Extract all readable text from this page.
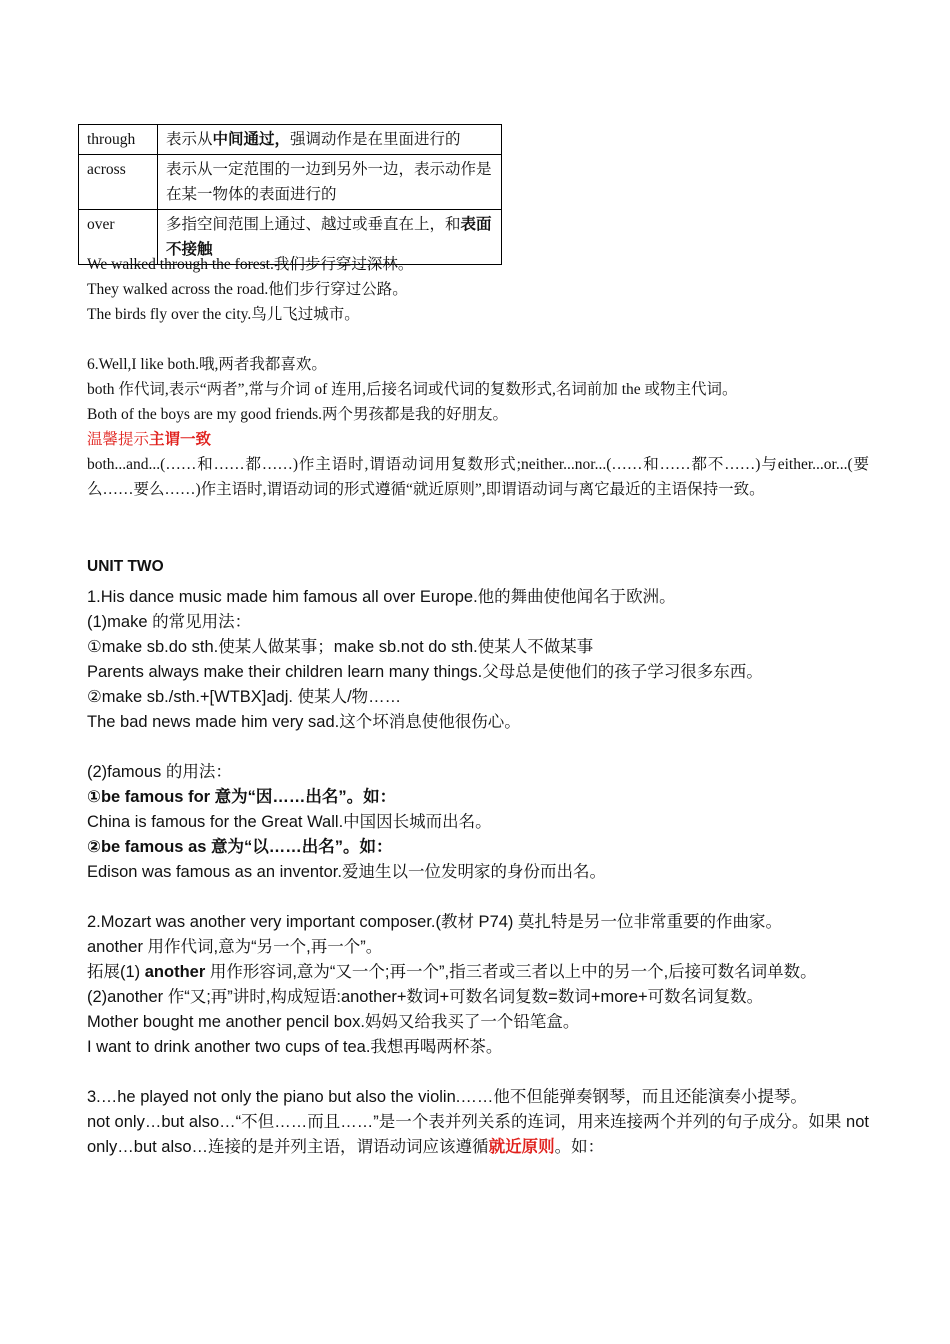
through	表示从中间通过，强调动作是在里面进行的
across	表示从一定范围的一边到另外一边，表示动作是在某一物体的表面进行的
over	多指空间范围上通过、越过或垂直在上，和表面不接触

We walked through the forest.我们步行穿过深林。

They walked across the road.他们步行穿过公路。

The birds fly over the city.鸟儿飞过城市。

6.Well,I like both.哦,两者我都喜欢。

both 作代词,表示“两者”,常与介词 of 连用,后接名词或代词的复数形式,名词前加 the 或物主代词。

Both of the boys are my good friends.两个男孩都是我的好朋友。

温馨提示主谓一致

both...and...(……和……都……)作主语时,谓语动词用复数形式;neither...nor...(……和……都不……)与either...or...(要么……要么……)作主语时,谓语动词的形式遵循“就近原则”,即谓语动词与离它最近的主语保持一致。

UNIT TWO

1.His dance music made him famous all over Europe.他的舞曲使他闻名于欧洲。

(1)make 的常见用法：

①make sb.do sth.使某人做某事；make sb.not do sth.使某人不做某事

Parents always make their children learn many things.父母总是使他们的孩子学习很多东西。

②make sb./sth.+[WTBX]adj. 使某人/物……

The bad news made him very sad.这个坏消息使他很伤心。

(2)famous 的用法：

①be famous for 意为“因……出名”。如：

China is famous for the Great Wall.中国因长城而出名。

②be famous as 意为“以……出名”。如：

Edison was famous as an inventor.爱迪生以一位发明家的身份而出名。

2.Mozart was another very important composer.(教材 P74) 莫扎特是另一位非常重要的作曲家。

another 用作代词,意为“另一个,再一个”。

拓展(1) another 用作形容词,意为“又一个;再一个”,指三者或三者以上中的另一个,后接可数名词单数。

(2)another 作“又;再”讲时,构成短语:another+数词+可数名词复数=数词+more+可数名词复数。

Mother bought me another pencil box.妈妈又给我买了一个铅笔盒。

I want to drink another two cups of tea.我想再喝两杯茶。

3.…he played not only the piano but also the violin.……他不但能弹奏钢琴，而且还能演奏小提琴。

not only…but also…“不但……而且……”是一个表并列关系的连词，用来连接两个并列的句子成分。如果 not only…but also…连接的是并列主语，谓语动词应该遵循就近原则。如：
